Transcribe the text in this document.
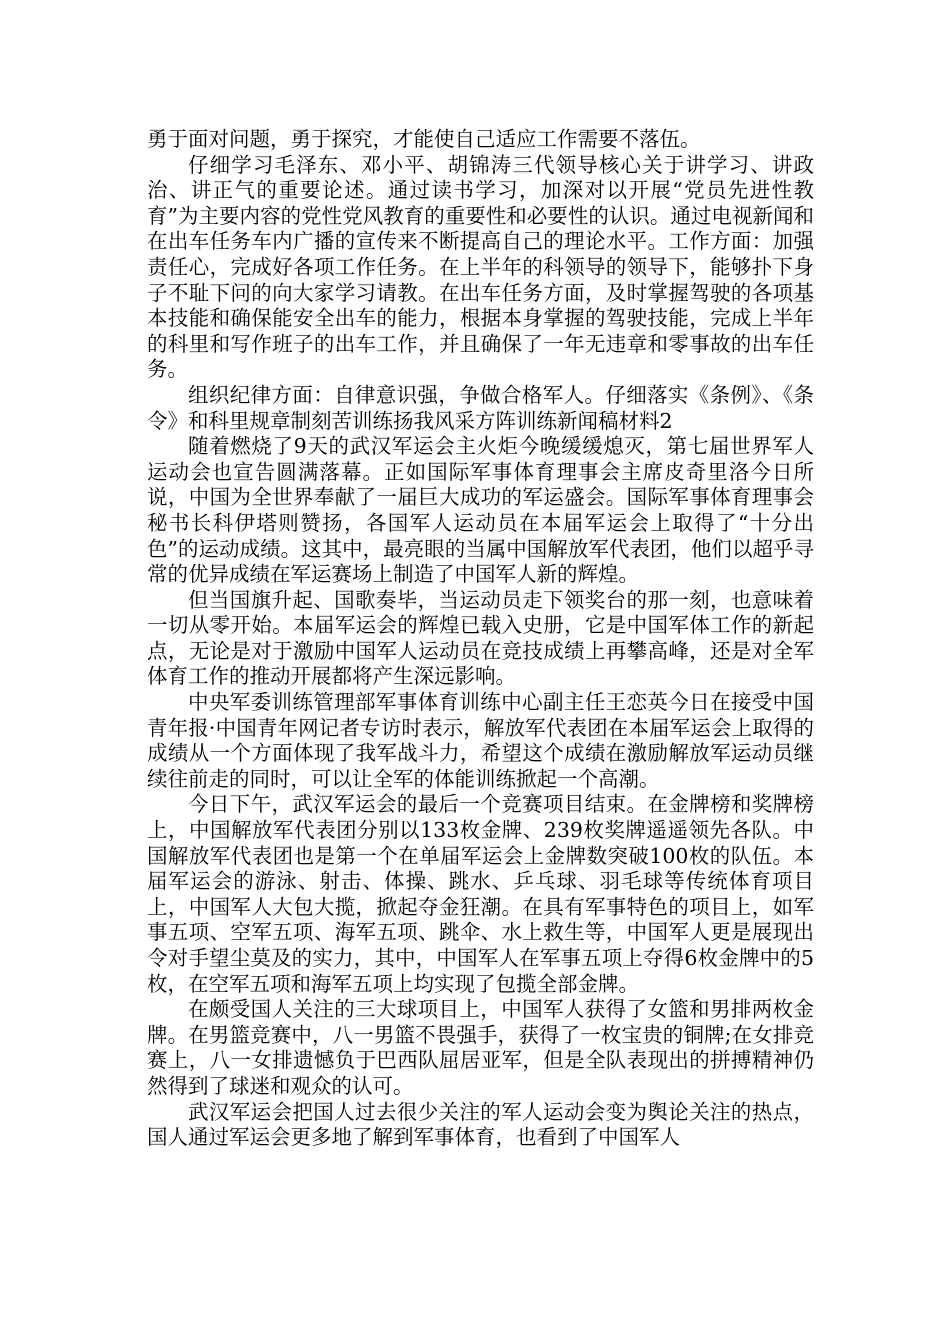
勇于面对问题，勇于探究，才能使自己适应工作需要不落伍。

仔细学习毛泽东、邓小平、胡锦涛三代领导核心关于讲学习、讲政治、讲正气的重要论述。通过读书学习，加深对以开展“党员先进性教育”为主要内容的党性党风教育的重要性和必要性的认识。通过电视新闻和在出车任务车内广播的宣传来不断提高自己的理论水平。工作方面：加强责任心，完成好各项工作任务。在上半年的科领导的领导下，能够扑下身子不耻下问的向大家学习请教。在出车任务方面，及时掌握驾驶的各项基本技能和确保能安全出车的能力，根据本身掌握的驾驶技能，完成上半年的科里和写作班子的出车工作，并且确保了一年无违章和零事故的出车任务。

组织纪律方面：自律意识强，争做合格军人。仔细落实《条例》、《条令》和科里规章制刻苦训练扬我风采方阵训练新闻稿材料2

随着燃烧了9天的武汉军运会主火炬今晚缓缓熄灭，第七届世界军人运动会也宣告圆满落幕。正如国际军事体育理事会主席皮奇里洛今日所说，中国为全世界奉献了一届巨大成功的军运盛会。国际军事体育理事会秘书长科伊塔则赞扬，各国军人运动员在本届军运会上取得了“十分出色”的运动成绩。这其中，最亮眼的当属中国解放军代表团，他们以超乎寻常的优异成绩在军运赛场上制造了中国军人新的辉煌。

但当国旗升起、国歌奏毕，当运动员走下领奖台的那一刻，也意味着一切从零开始。本届军运会的辉煌已载入史册，它是中国军体工作的新起点，无论是对于激励中国军人运动员在竞技成绩上再攀高峰，还是对全军体育工作的推动开展都将产生深远影响。

中央军委训练管理部军事体育训练中心副主任王恋英今日在接受中国青年报·中国青年网记者专访时表示，解放军代表团在本届军运会上取得的成绩从一个方面体现了我军战斗力，希望这个成绩在激励解放军运动员继续往前走的同时，可以让全军的体能训练掀起一个高潮。

今日下午，武汉军运会的最后一个竞赛项目结束。在金牌榜和奖牌榜上，中国解放军代表团分别以133枚金牌、239枚奖牌遥遥领先各队。中国解放军代表团也是第一个在单届军运会上金牌数突破100枚的队伍。本届军运会的游泳、射击、体操、跳水、乒乓球、羽毛球等传统体育项目上，中国军人大包大揽，掀起夺金狂潮。在具有军事特色的项目上，如军事五项、空军五项、海军五项、跳伞、水上救生等，中国军人更是展现出令对手望尘莫及的实力，其中，中国军人在军事五项上夺得6枚金牌中的5枚，在空军五项和海军五项上均实现了包揽全部金牌。

在颇受国人关注的三大球项目上，中国军人获得了女篮和男排两枚金牌。在男篮竞赛中，八一男篮不畏强手，获得了一枚宝贵的铜牌;在女排竞赛上，八一女排遗憾负于巴西队屈居亚军，但是全队表现出的拼搏精神仍然得到了球迷和观众的认可。

武汉军运会把国人过去很少关注的军人运动会变为舆论关注的热点，国人通过军运会更多地了解到军事体育，也看到了中国军人
